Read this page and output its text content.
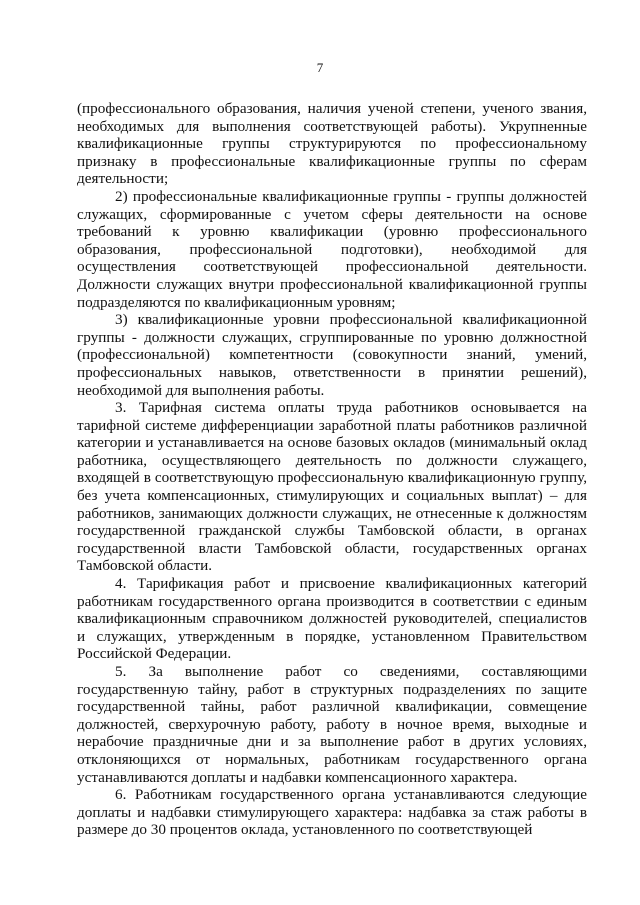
7

(профессионального образования, наличия ученой степени, ученого звания, необходимых для выполнения соответствующей работы). Укрупненные квалификационные группы структурируются по профессиональному признаку в профессиональные квалификационные группы по сферам деятельности;

2) профессиональные квалификационные группы - группы должностей служащих, сформированные с учетом сферы деятельности на основе требований к уровню квалификации (уровню профессионального образования, профессиональной подготовки), необходимой для осуществления соответствующей профессиональной деятельности. Должности служащих внутри профессиональной квалификационной группы подразделяются по квалификационным уровням;

3) квалификационные уровни профессиональной квалификационной группы - должности служащих, сгруппированные по уровню должностной (профессиональной) компетентности (совокупности знаний, умений, профессиональных навыков, ответственности в принятии решений), необходимой для выполнения работы.

3. Тарифная система оплаты труда работников основывается на тарифной системе дифференциации заработной платы работников различной категории и устанавливается на основе базовых окладов (минимальный оклад работника, осуществляющего деятельность по должности служащего, входящей в соответствующую профессиональную квалификационную группу, без учета компенсационных, стимулирующих и социальных выплат) – для работников, занимающих должности служащих, не отнесенные к должностям государственной гражданской службы Тамбовской области, в органах государственной власти Тамбовской области, государственных органах Тамбовской области.

4. Тарификация работ и присвоение квалификационных категорий работникам государственного органа производится в соответствии с единым квалификационным справочником должностей руководителей, специалистов и служащих, утвержденным в порядке, установленном Правительством Российской Федерации.

5. За выполнение работ со сведениями, составляющими государственную тайну, работ в структурных подразделениях по защите государственной тайны, работ различной квалификации, совмещение должностей, сверхурочную работу, работу в ночное время, выходные и нерабочие праздничные дни и за выполнение работ в других условиях, отклоняющихся от нормальных, работникам государственного органа устанавливаются доплаты и надбавки компенсационного характера.

6. Работникам государственного органа устанавливаются следующие доплаты и надбавки стимулирующего характера: надбавка за стаж работы в размере до 30 процентов оклада, установленного по соответствующей
